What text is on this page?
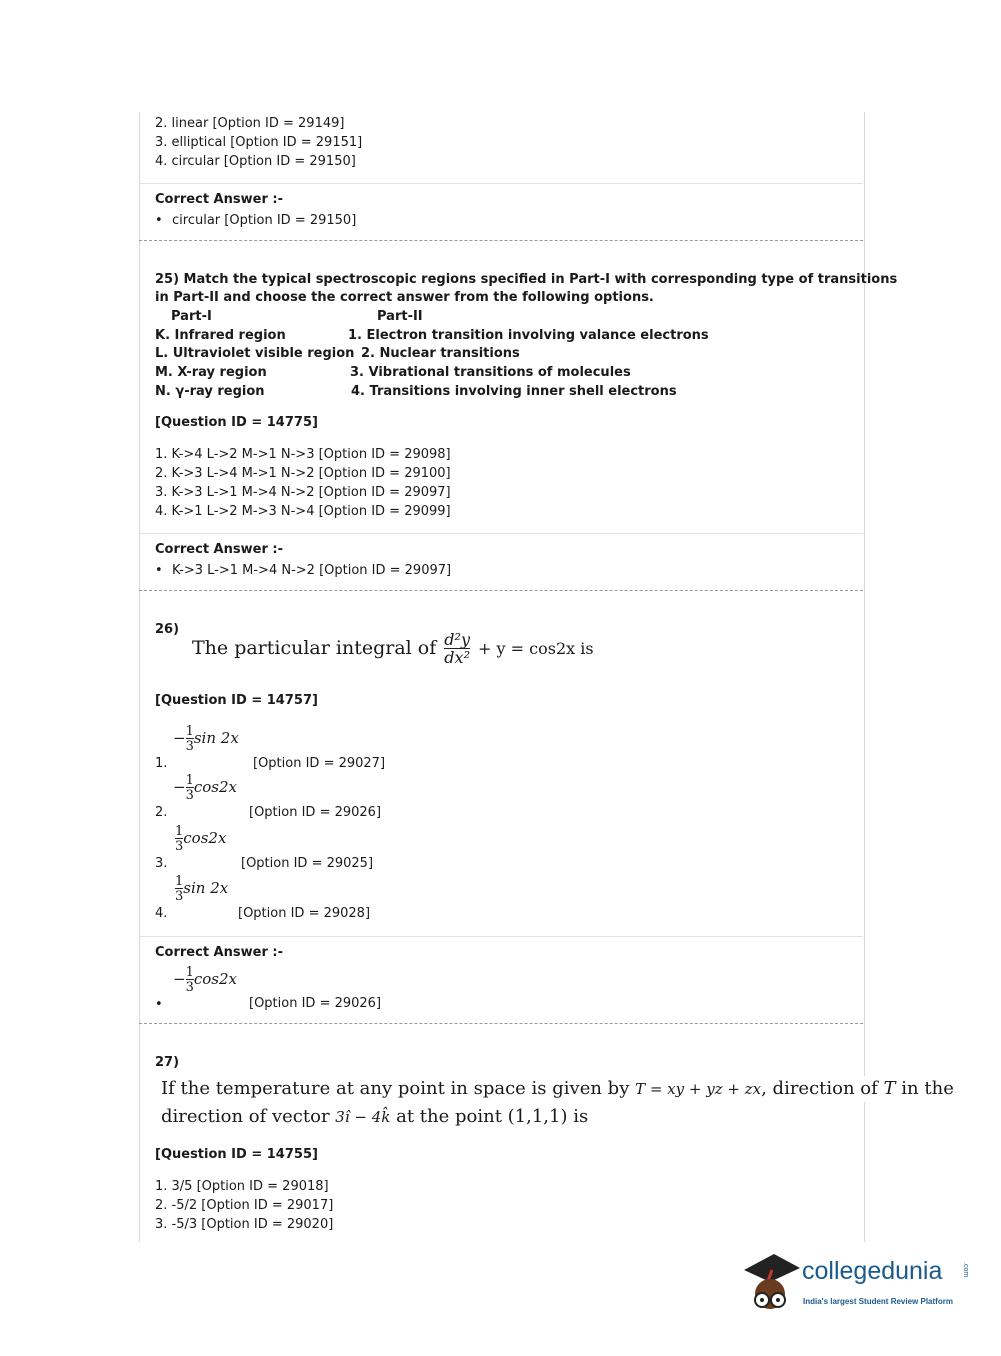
2. linear [Option ID = 29149]
3. elliptical [Option ID = 29151]
4. circular [Option ID = 29150]
Correct Answer :-
• circular [Option ID = 29150]
25) Match the typical spectroscopic regions specified in Part-I with corresponding type of transitions
in Part-II and choose the correct answer from the following options.
Part-I	Part-II
K. Infrared region
L. Ultraviolet visible region
M. X-ray region
N. γ-ray region
1. Electron transition involving valance electrons
2. Nuclear transitions
3. Vibrational transitions of molecules
4. Transitions involving inner shell electrons
[Question ID = 14775]
1. K->4 L->2 M->1 N->3 [Option ID = 29098]
2. K->3 L->4 M->1 N->2 [Option ID = 29100]
3. K->3 L->1 M->4 N->2 [Option ID = 29097]
4. K->1 L->2 M->3 N->4 [Option ID = 29099]
Correct Answer :-
• K->3 L->1 M->4 N->2 [Option ID = 29097]
26)
The particular integral of $\frac{\text{d²y}}{\text{dx²}} + y = \cos 2x$ is
[Question ID = 14757]
1.
− $\frac{1}{3}$ sin 2x
[Option ID = 29027]
2.
− $\frac{1}{3} \cos 2x$
[Option ID = 29026]
3.
$\frac{1}{3} \cos 2x$
[Option ID = 29025]
4.
$\frac{1}{3}$ sin 2x
[Option ID = 29028]
Correct Answer :-
•
− $\frac{1}{3} \cos 2x$
[Option ID = 29026]
27)
If the temperature at any point in space is given by T = xy + yz + zx, direction of T in the
direction of vector 3î − 4k̂ at the point (1,1,1) is
[Question ID = 14755]
1. 3/5 [Option ID = 29018]
2. -5/2 [Option ID = 29017]
3. -5/3 [Option ID = 29020]
collegedunia	.com
India's largest Student Review Platform
